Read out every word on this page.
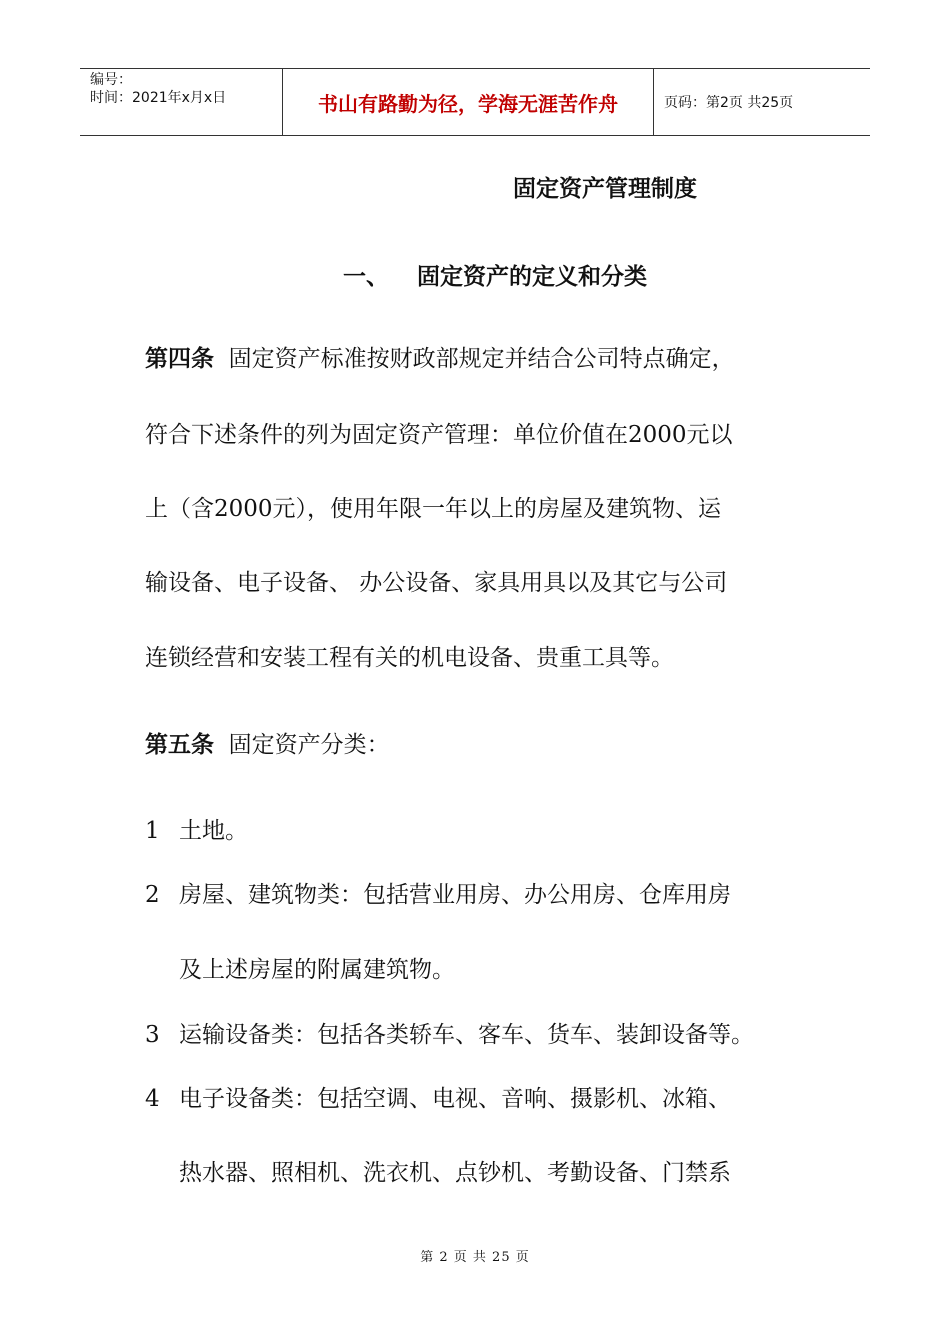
编号：
时间：2021年x月x日	书山有路勤为径，学海无涯苦作舟	页码：第2页 共25页
固定资产管理制度
一、 固定资产的定义和分类
第四条 固定资产标准按财政部规定并结合公司特点确定，
符合下述条件的列为固定资产管理：单位价值在2000元以
上（含2000元），使用年限一年以上的房屋及建筑物、运
输设备、电子设备、 办公设备、家具用具以及其它与公司
连锁经营和安装工程有关的机电设备、贵重工具等。
第五条 固定资产分类：
1 土地。
2 房屋、建筑物类：包括营业用房、办公用房、仓库用房
及上述房屋的附属建筑物。
3 运输设备类：包括各类轿车、客车、货车、装卸设备等。
4 电子设备类：包括空调、电视、音响、摄影机、冰箱、
热水器、照相机、洗衣机、点钞机、考勤设备、门禁系
第 2 页 共 25 页
